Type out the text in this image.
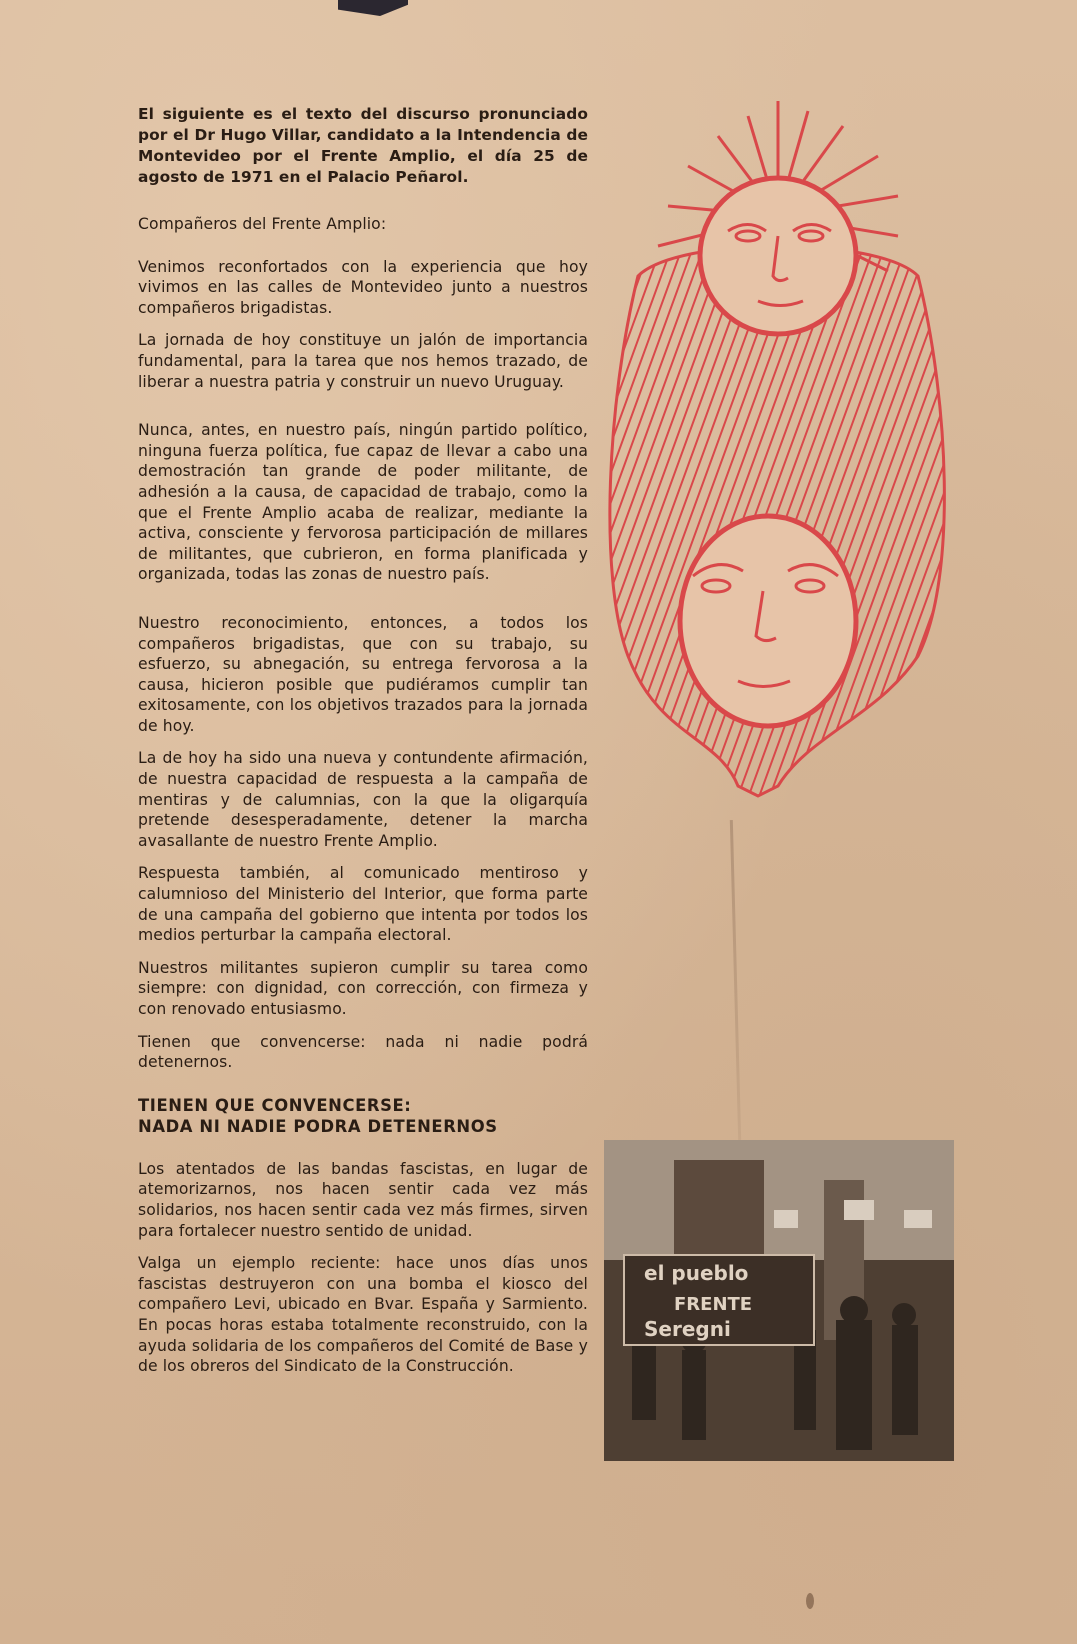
El siguiente es el texto del discurso pronunciado por el Dr Hugo Villar, candidato a la Intendencia de Montevideo por el Frente Amplio, el día 25 de agosto de 1971 en el Palacio Peñarol.

Compañeros del Frente Amplio:

Venimos reconfortados con la experiencia que hoy vivimos en las calles de Montevideo junto a nuestros compañeros brigadistas.

La jornada de hoy constituye un jalón de importancia fundamental, para la tarea que nos hemos trazado, de liberar a nuestra patria y construir un nuevo Uruguay.

Nunca, antes, en nuestro país, ningún partido político, ninguna fuerza política, fue capaz de llevar a cabo una demostración tan grande de poder militante, de adhesión a la causa, de capacidad de trabajo, como la que el Frente Amplio acaba de realizar, mediante la activa, consciente y fervorosa participación de millares de militantes, que cubrieron, en forma planificada y organizada, todas las zonas de nuestro país.

Nuestro reconocimiento, entonces, a todos los compañeros brigadistas, que con su trabajo, su esfuerzo, su abnegación, su entrega fervorosa a la causa, hicieron posible que pudiéramos cumplir tan exitosamente, con los objetivos trazados para la jornada de hoy.

La de hoy ha sido una nueva y contundente afirmación, de nuestra capacidad de respuesta a la campaña de mentiras y de calumnias, con la que la oligarquía pretende desesperadamente, detener la marcha avasallante de nuestro Frente Amplio.

Respuesta también, al comunicado mentiroso y calumnioso del Ministerio del Interior, que forma parte de una campaña del gobierno que intenta por todos los medios perturbar la campaña electoral.

Nuestros militantes supieron cumplir su tarea como siempre: con dignidad, con corrección, con firmeza y con renovado entusiasmo.

Tienen que convencerse: nada ni nadie podrá detenernos.

TIENEN QUE CONVENCERSE:
NADA NI NADIE PODRA DETENERNOS

Los atentados de las bandas fascistas, en lugar de atemorizarnos, nos hacen sentir cada vez más solidarios, nos hacen sentir cada vez más firmes, sirven para fortalecer nuestro sentido de unidad.

Valga un ejemplo reciente: hace unos días unos fascistas destruyeron con una bomba el kiosco del compañero Levi, ubicado en Bvar. España y Sarmiento. En pocas horas estaba totalmente reconstruido, con la ayuda solidaria de los compañeros del Comité de Base y de los obreros del Sindicato de la Construcción.

el pueblo
FRENTE
Seregni
